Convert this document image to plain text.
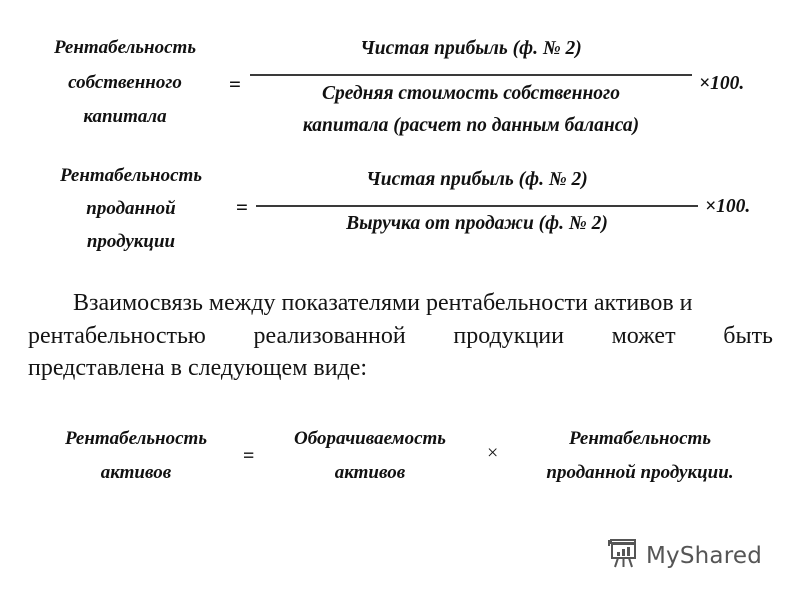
Рентабельность
собственного
капитала
=
Чистая прибыль (ф. № 2)
Средняя стоимость собственного
капитала (расчет по данным баланса)
×100.
Рентабельность
проданной
продукции
=
Чистая прибыль (ф. № 2)
Выручка от продажи (ф. № 2)
×100.
Взаимосвязь между показателями рентабельности активов и
рентабельностью реализованной продукции может быть
представлена в следующем виде:
Рентабельность
активов
=
Оборачиваемость
активов
×
Рентабельность
проданной продукции.
MyShared
